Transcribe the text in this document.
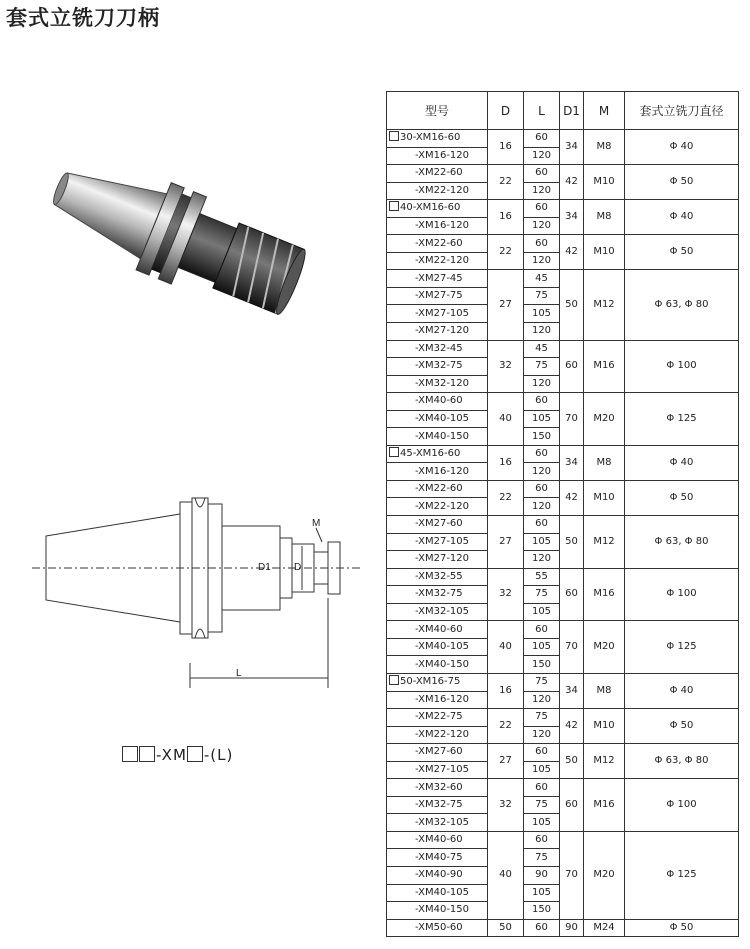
套式立铣刀刀柄
M
D1 D
L
-XM -(L)
型号	D	L	D1	M	套式立铣刀直径
30-XM16-60	16	60	34	M8	Φ 40
-XM16-120		120			
-XM22-60	22	60	42	M10	Φ 50
-XM22-120		120			
40-XM16-60	16	60	34	M8	Φ 40
-XM16-120		120			
-XM22-60	22	60	42	M10	Φ 50
-XM22-120		120			
-XM27-45	27	45	50	M12	Φ 63, Φ 80
-XM27-75		75			
-XM27-105		105			
-XM27-120		120			
-XM32-45	32	45	60	M16	Φ 100
-XM32-75		75			
-XM32-120		120			
-XM40-60	40	60	70	M20	Φ 125
-XM40-105		105			
-XM40-150		150			
45-XM16-60	16	60	34	M8	Φ 40
-XM16-120		120			
-XM22-60	22	60	42	M10	Φ 50
-XM22-120		120			
-XM27-60	27	60	50	M12	Φ 63, Φ 80
-XM27-105		105			
-XM27-120		120			
-XM32-55	32	55	60	M16	Φ 100
-XM32-75		75			
-XM32-105		105			
-XM40-60	40	60	70	M20	Φ 125
-XM40-105		105			
-XM40-150		150			
50-XM16-75	16	75	34	M8	Φ 40
-XM16-120		120			
-XM22-75	22	75	42	M10	Φ 50
-XM22-120		120			
-XM27-60	27	60	50	M12	Φ 63, Φ 80
-XM27-105		105			
-XM32-60	32	60	60	M16	Φ 100
-XM32-75		75			
-XM32-105		105			
-XM40-60	40	60	70	M20	Φ 125
-XM40-75		75			
-XM40-90		90			
-XM40-105		105			
-XM40-150		150			
-XM50-60	50	60	90	M24	Φ 50
